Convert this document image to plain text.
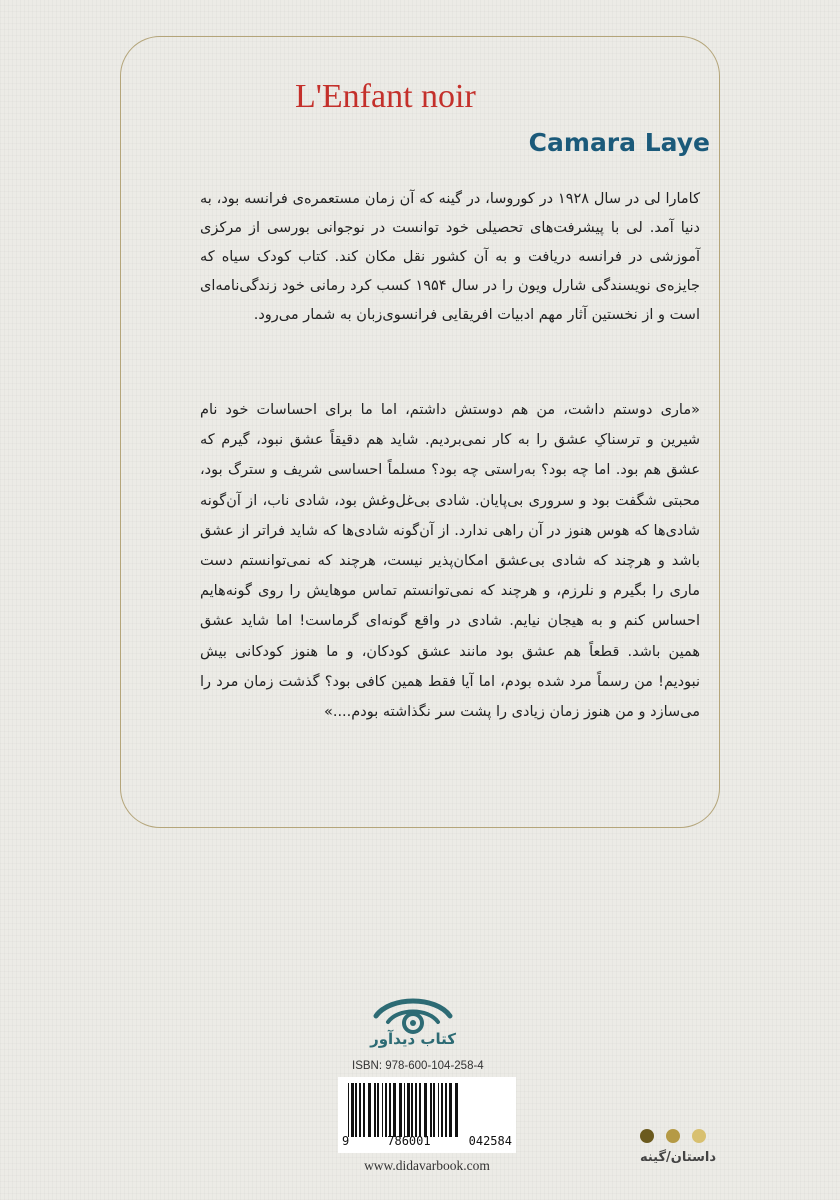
L'Enfant noir
Camara Laye
کامارا لی در سال ۱۹۲۸ در کوروسا، در گینه که آن زمان مستعمره‌ی فرانسه بود، به دنیا آمد. لی با پیشرفت‌های تحصیلی خود توانست در نوجوانی بورسی از مرکزی آموزشی در فرانسه دریافت و به آن کشور نقل مکان کند. کتاب کودک سیاه که جایزه‌ی نویسندگی شارل ویون را در سال ۱۹۵۴ کسب کرد رمانی خود زندگی‌نامه‌ای است و از نخستین آثار مهم ادبیات افریقایی فرانسوی‌زبان به شمار می‌رود.
«ماری دوستم داشت، من هم دوستش داشتم، اما ما برای احساسات خود نام شیرین و ترسناکِ عشق را به کار نمی‌بردیم. شاید هم دقیقاً عشق نبود، گیرم که عشق هم بود. اما چه بود؟ به‌راستی چه بود؟ مسلماً احساسی شریف و سترگ بود، محبتی شگفت بود و سروری بی‌پایان. شادی بی‌غل‌وغش بود، شادی ناب، از آن‌گونه شادی‌ها که هوس هنوز در آن راهی ندارد. از آن‌گونه شادی‌ها که شاید فراتر از عشق باشد و هرچند که شادی بی‌عشق امکان‌پذیر نیست، هرچند که نمی‌توانستم دست ماری را بگیرم و نلرزم، و هرچند که نمی‌توانستم تماس موهایش را روی گونه‌هایم احساس کنم و به هیجان نیایم. شادی در واقع گونه‌ای گرماست! اما شاید عشق همین باشد. قطعاً هم عشق بود مانند عشق کودکان، و ما هنوز کودکانی بیش نبودیم! من رسماً مرد شده بودم، اما آیا فقط همین کافی بود؟ گذشت زمان مرد را می‌سازد و من هنوز زمان زیادی را پشت سر نگذاشته بودم....»
کتاب دیدآور
ISBN: 978-600-104-258-4
9	786001	042584
www.didavarbook.com
داستان/گینه
